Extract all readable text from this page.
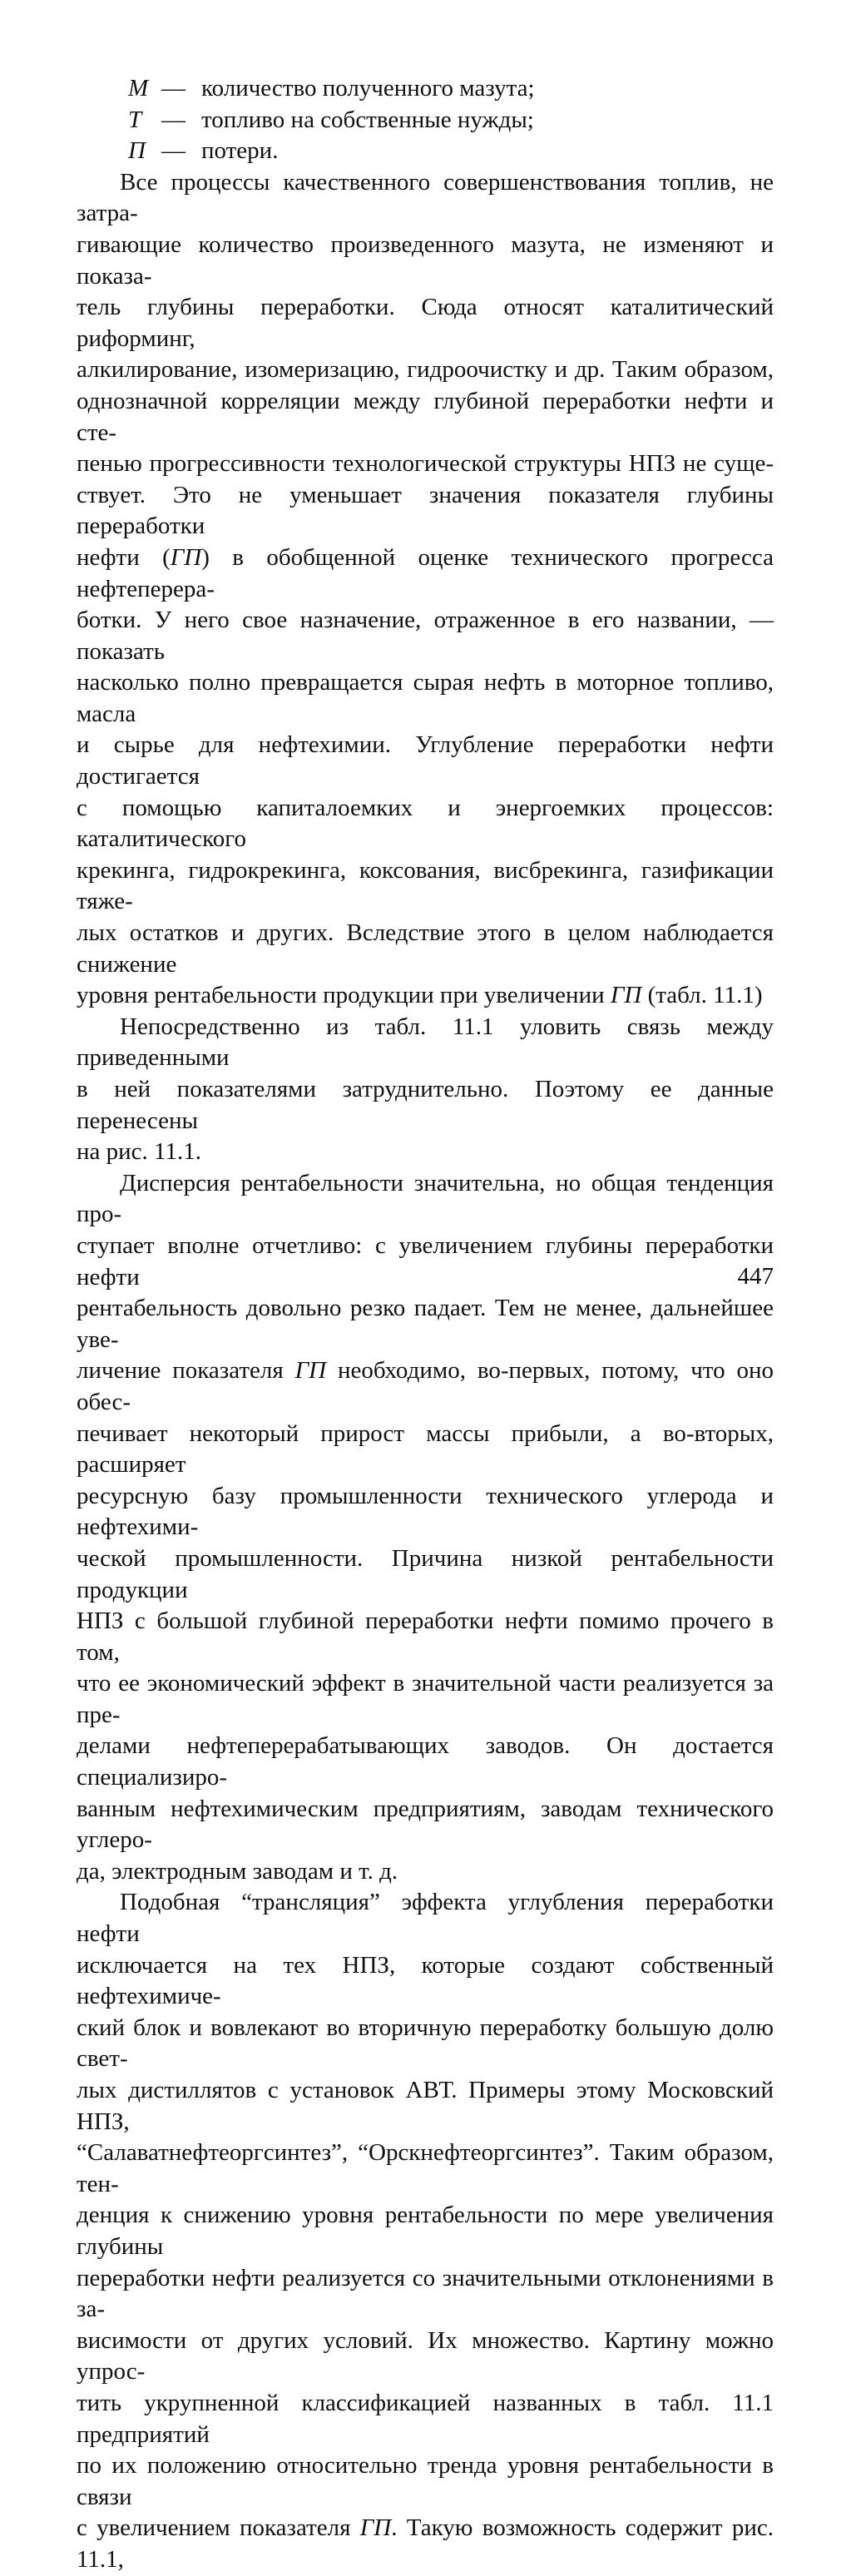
М — количество полученного мазута;
Т — топливо на собственные нужды;
П — потери.
Все процессы качественного совершенствования топлив, не затра-
гивающие количество произведенного мазута, не изменяют и показа-
тель глубины переработки. Сюда относят каталитический риформинг,
алкилирование, изомеризацию, гидроочистку и др. Таким образом,
однозначной корреляции между глубиной переработки нефти и сте-
пенью прогрессивности технологической структуры НПЗ не суще-
ствует. Это не уменьшает значения показателя глубины переработки
нефти (ГП) в обобщенной оценке технического прогресса нефтеперера-
ботки. У него свое назначение, отраженное в его названии, — показать
насколько полно превращается сырая нефть в моторное топливо, масла
и сырье для нефтехимии. Углубление переработки нефти достигается
с помощью капиталоемких и энергоемких процессов: каталитического
крекинга, гидрокрекинга, коксования, висбрекинга, газификации тяже-
лых остатков и других. Вследствие этого в целом наблюдается снижение
уровня рентабельности продукции при увеличении ГП (табл. 11.1)
Непосредственно из табл. 11.1 уловить связь между приведенными
в ней показателями затруднительно. Поэтому ее данные перенесены
на рис. 11.1.
Дисперсия рентабельности значительна, но общая тенденция про-
ступает вполне отчетливо: с увеличением глубины переработки нефти
рентабельность довольно резко падает. Тем не менее, дальнейшее уве-
личение показателя ГП необходимо, во-первых, потому, что оно обес-
печивает некоторый прирост массы прибыли, а во-вторых, расширяет
ресурсную базу промышленности технического углерода и нефтехими-
ческой промышленности. Причина низкой рентабельности продукции
НПЗ с большой глубиной переработки нефти помимо прочего в том,
что ее экономический эффект в значительной части реализуется за пре-
делами нефтеперерабатывающих заводов. Он достается специализиро-
ванным нефтехимическим предприятиям, заводам технического углеро-
да, электродным заводам и т. д.
Подобная “трансляция” эффекта углубления переработки нефти
исключается на тех НПЗ, которые создают собственный нефтехимиче-
ский блок и вовлекают во вторичную переработку большую долю свет-
лых дистиллятов с установок АВТ. Примеры этому Московский НПЗ,
“Салаватнефтеоргсинтез”, “Орскнефтеоргсинтез”. Таким образом, тен-
денция к снижению уровня рентабельности по мере увеличения глубины
переработки нефти реализуется со значительными отклонениями в за-
висимости от других условий. Их множество. Картину можно упрос-
тить укрупненной классификацией названных в табл. 11.1 предприятий
по их положению относительно тренда уровня рентабельности в связи
с увеличением показателя ГП. Такую возможность содержит рис. 11.1,
447
